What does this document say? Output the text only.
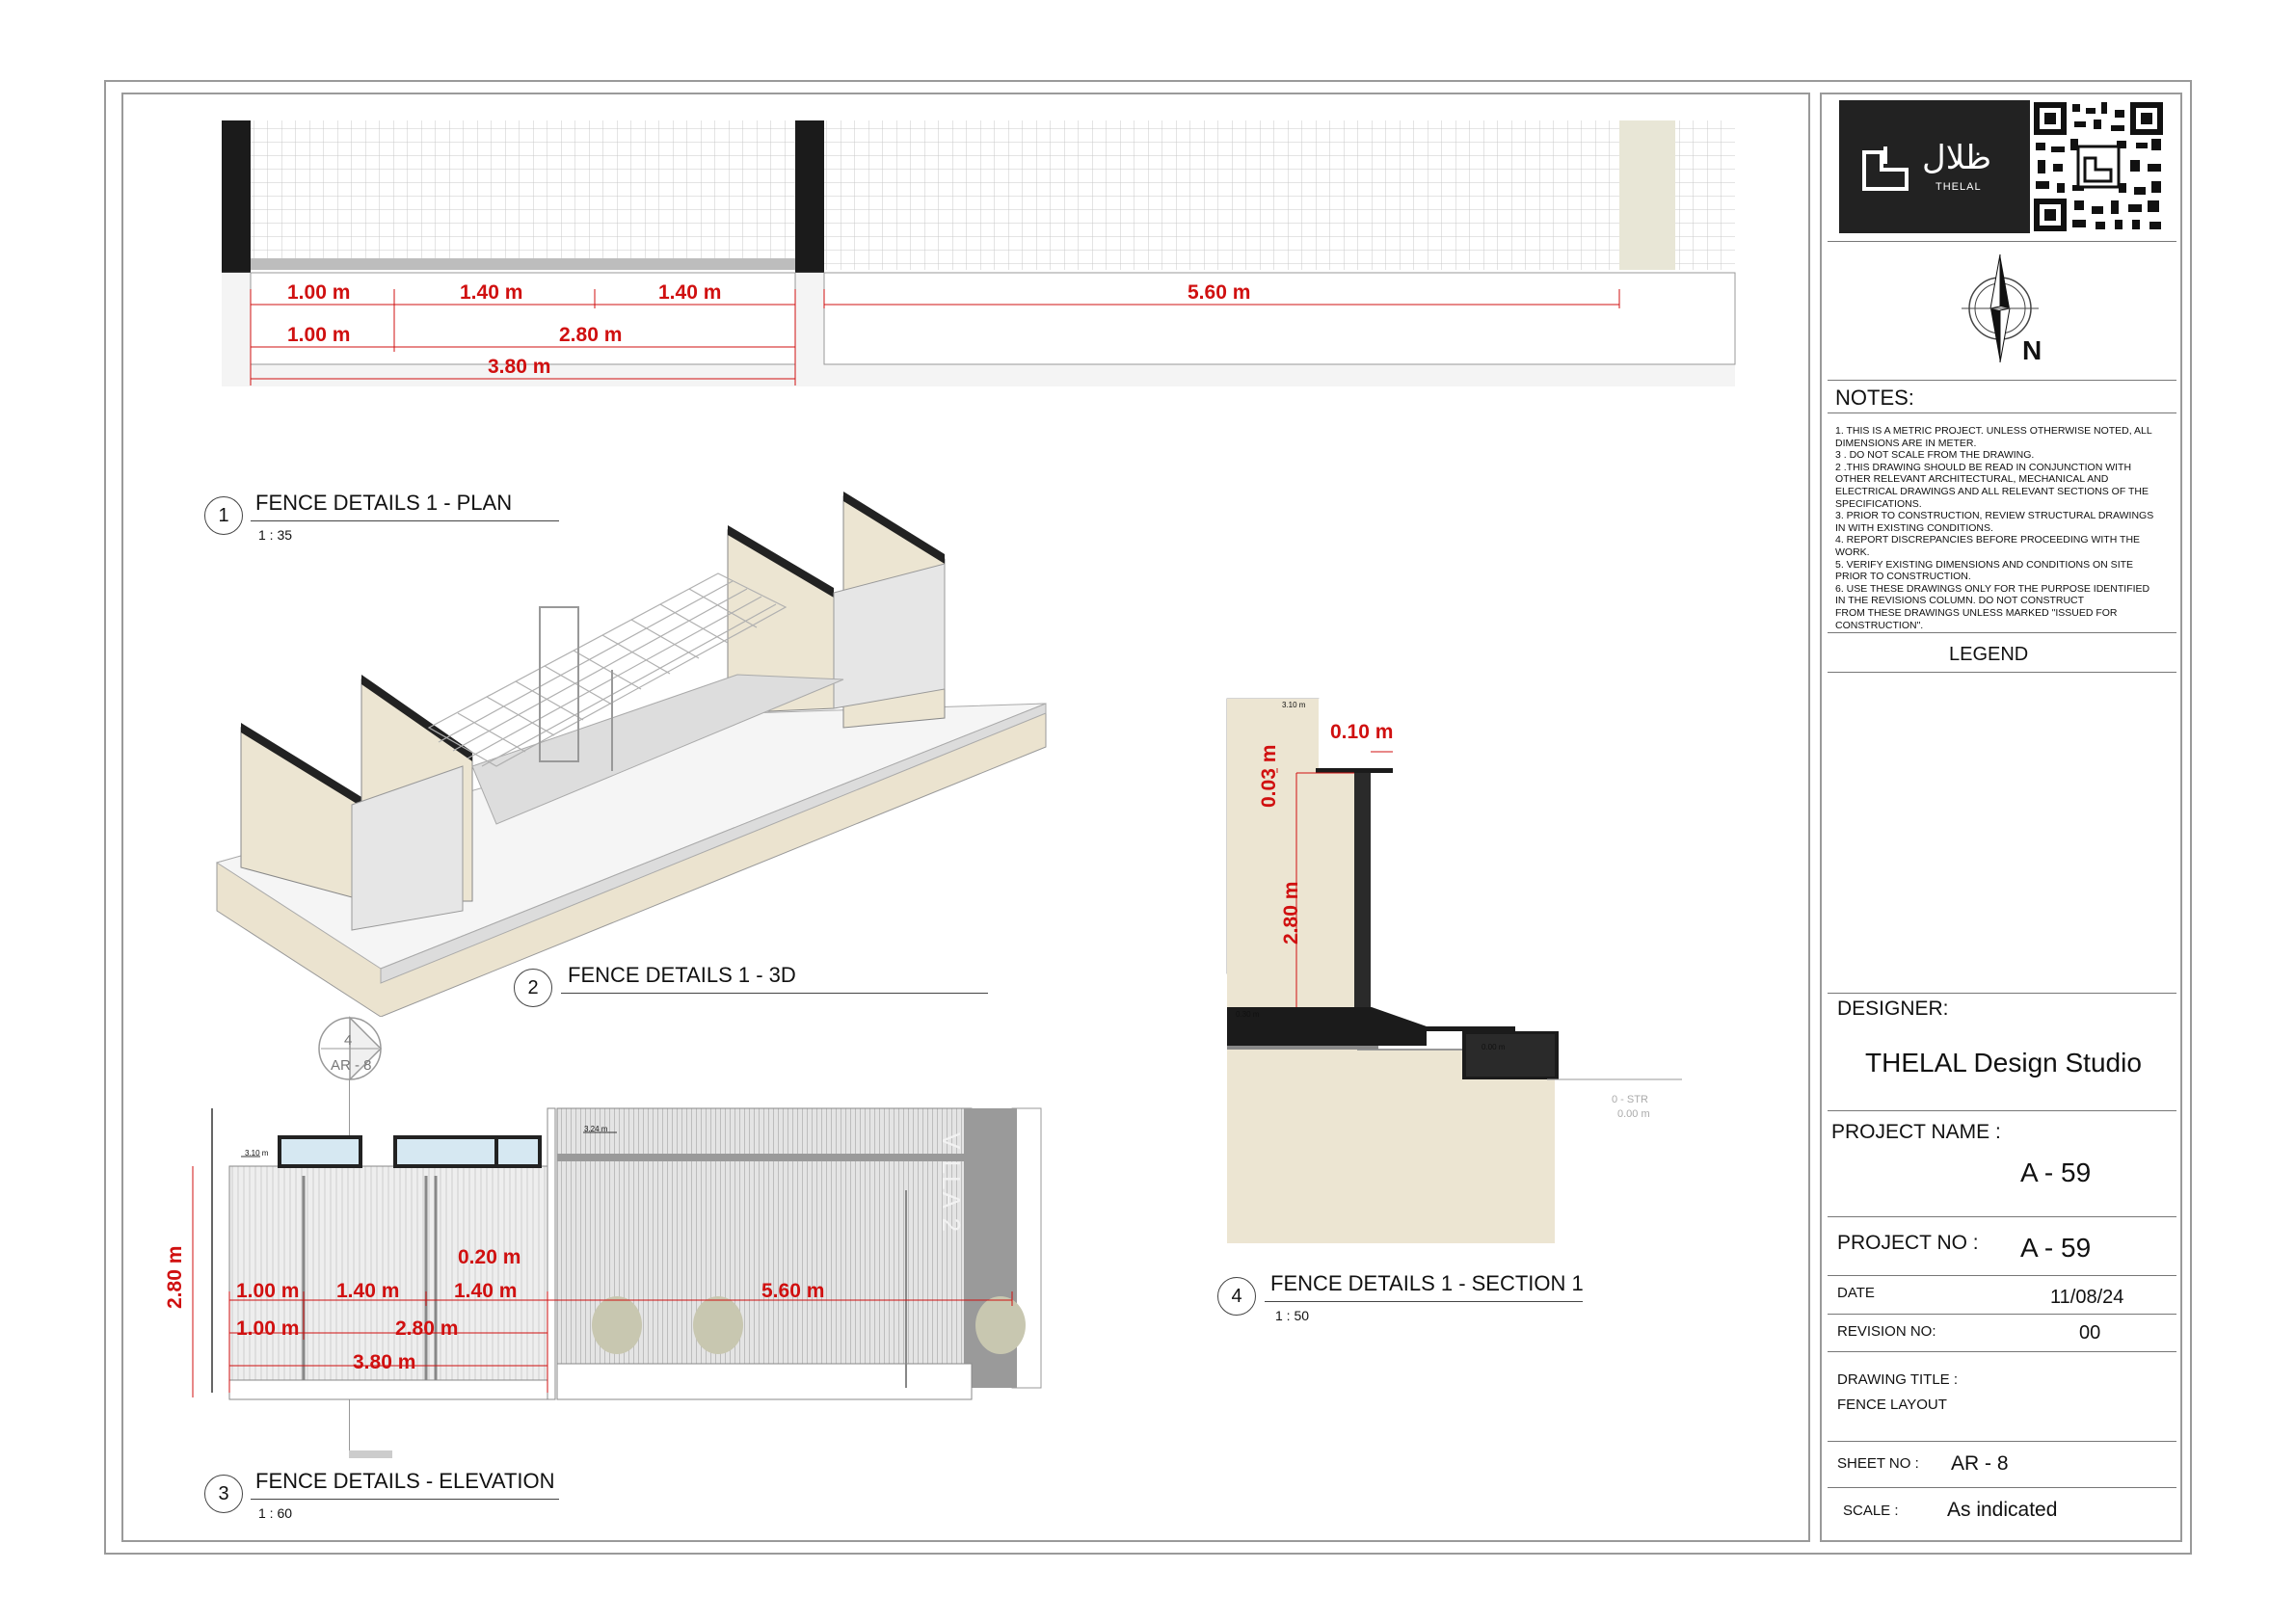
1.00 m	1.40 m	1.40 m	5.60 m
1.00 m	2.80 m
3.80 m
1
FENCE DETAILS 1 - PLAN
1 : 35
2
FENCE DETAILS 1 - 3D
4
AR - 8
3.10 m
3.24 m
V LLA 2
2.80 m	0.20 m
1.00 m 1.40 m	1.40 m	5.60 m
1.00 m	2.80 m
3.80 m
3
FENCE DETAILS - ELEVATION
1 : 60
3.10 m
0.30 m
0.00 m
0 - STR
0.00 m
0.10 m
0.03 m
2.80 m
4
FENCE DETAILS 1 - SECTION 1
1 : 50
ظلال
THELAL
N
NOTES:
1. THIS IS A METRIC PROJECT. UNLESS OTHERWISE NOTED, ALL
DIMENSIONS ARE IN METER.
3 . DO NOT SCALE FROM THE DRAWING.
2 .THIS DRAWING SHOULD BE READ IN CONJUNCTION WITH
OTHER RELEVANT ARCHITECTURAL, MECHANICAL AND
ELECTRICAL DRAWINGS AND ALL RELEVANT SECTIONS OF THE
SPECIFICATIONS.
3. PRIOR TO CONSTRUCTION, REVIEW STRUCTURAL DRAWINGS
IN WITH EXISTING CONDITIONS.
4. REPORT DISCREPANCIES BEFORE PROCEEDING WITH THE
WORK.
5. VERIFY EXISTING DIMENSIONS AND CONDITIONS ON SITE
PRIOR TO CONSTRUCTION.
6. USE THESE DRAWINGS ONLY FOR THE PURPOSE IDENTIFIED
IN THE REVISIONS COLUMN. DO NOT CONSTRUCT
FROM THESE DRAWINGS UNLESS MARKED "ISSUED FOR
CONSTRUCTION".
LEGEND
DESIGNER:
THELAL Design Studio
PROJECT NAME :
A - 59
PROJECT NO : A - 59
DATE	11/08/24
REVISION NO:	00
DRAWING TITLE :
FENCE LAYOUT
SHEET NO : AR - 8
SCALE : As indicated
